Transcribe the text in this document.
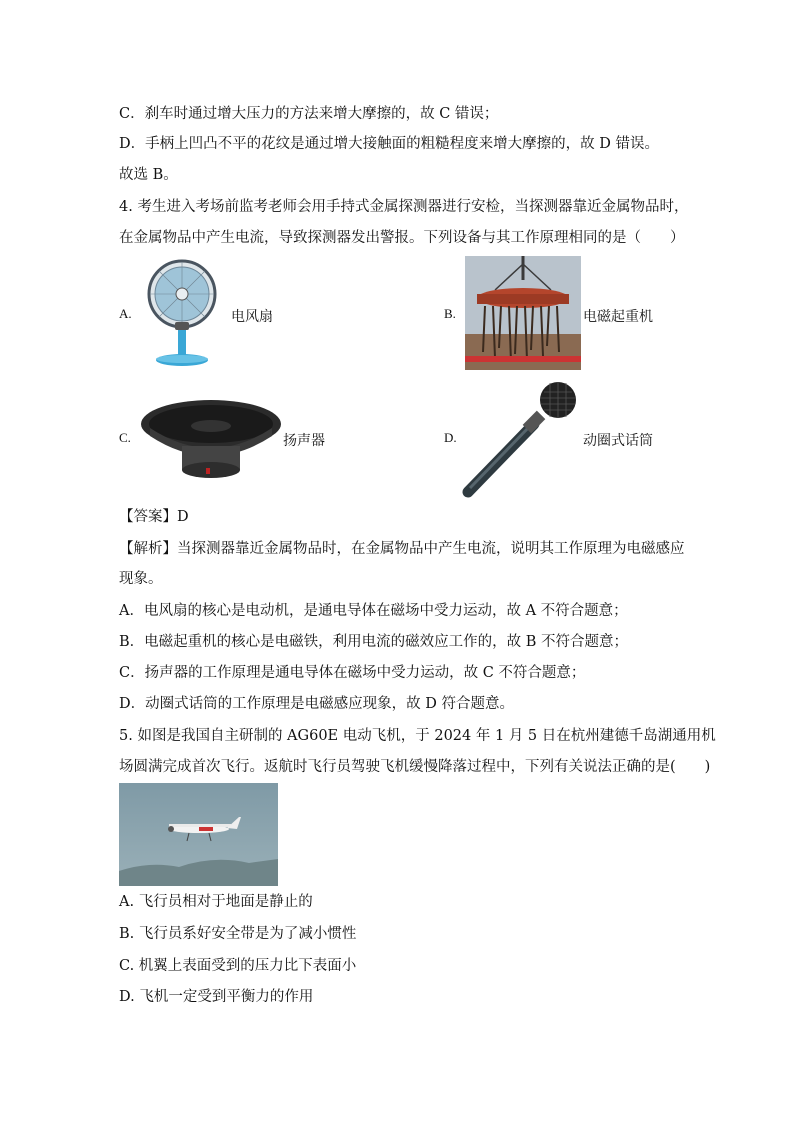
C．刹车时通过增大压力的方法来增大摩擦的，故 C 错误；
D．手柄上凹凸不平的花纹是通过增大接触面的粗糙程度来增大摩擦的，故 D 错误。
故选 B。
4. 考生进入考场前监考老师会用手持式金属探测器进行安检，当探测器靠近金属物品时，
在金属物品中产生电流，导致探测器发出警报。下列设备与其工作原理相同的是（　　）
A.	电风扇	B.	电磁起重机
C.	扬声器	D.	动圈式话筒
【答案】D
【解析】当探测器靠近金属物品时，在金属物品中产生电流，说明其工作原理为电磁感应
现象。
A．电风扇的核心是电动机，是通电导体在磁场中受力运动，故 A 不符合题意；
B．电磁起重机的核心是电磁铁，利用电流的磁效应工作的，故 B 不符合题意；
C．扬声器的工作原理是通电导体在磁场中受力运动，故 C 不符合题意；
D．动圈式话筒的工作原理是电磁感应现象，故 D 符合题意。
5. 如图是我国自主研制的 AG60E 电动飞机，于 2024 年 1 月 5 日在杭州建德千岛湖通用机
场圆满完成首次飞行。返航时飞行员驾驶飞机缓慢降落过程中，下列有关说法正确的是(　　)
A. 飞行员相对于地面是静止的
B. 飞行员系好安全带是为了减小惯性
C. 机翼上表面受到的压力比下表面小
D. 飞机一定受到平衡力的作用
